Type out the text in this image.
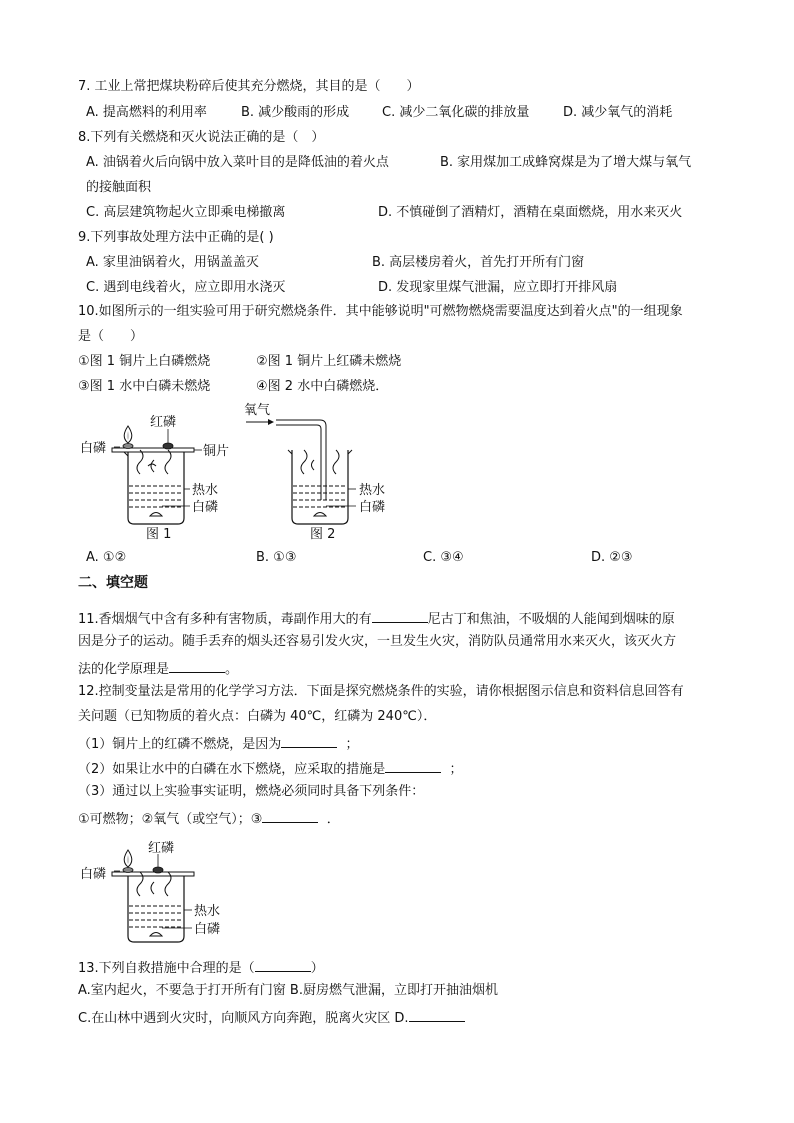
7. 工业上常把煤块粉碎后使其充分燃烧，其目的是（　　）
A. 提高燃料的利用率	B. 减少酸雨的形成	C. 减少二氧化碳的排放量	D. 减少氧气的消耗
8.下列有关燃烧和灭火说法正确的是（　）
A. 油锅着火后向锅中放入菜叶目的是降低油的着火点	B. 家用煤加工成蜂窝煤是为了增大煤与氧气
的接触面积
C. 高层建筑物起火立即乘电梯撤离	D. 不慎碰倒了酒精灯，酒精在桌面燃烧，用水来灭火
9.下列事故处理方法中正确的是( )
A. 家里油锅着火，用锅盖盖灭	B. 高层楼房着火，首先打开所有门窗
C. 遇到电线着火，应立即用水浇灭	D. 发现家里煤气泄漏，应立即打开排风扇
10.如图所示的一组实验可用于研究燃烧条件．其中能够说明"可燃物燃烧需要温度达到着火点"的一组现象
是（　　）
①图 1 铜片上白磷燃烧	②图 1 铜片上红磷未燃烧
③图 1 水中白磷未燃烧	④图 2 水中白磷燃烧．
红磷
白磷	铜片
热水
白磷
图 1
氧气
热水
白磷
图 2
A. ①②	B. ①③	C. ③④	D. ②③
二、填空题
11.香烟烟气中含有多种有害物质，毒副作用大的有	尼古丁和焦油，不吸烟的人能闻到烟味的原
因是分子的运动。随手丢弃的烟头还容易引发火灾，一旦发生火灾，消防队员通常用水来灭火，该灭火方
法的化学原理是	。
12.控制变量法是常用的化学学习方法．下面是探究燃烧条件的实验，请你根据图示信息和资料信息回答有
关问题（已知物质的着火点：白磷为 40℃，红磷为 240℃）．
（1）铜片上的红磷不燃烧，是因为	；
（2）如果让水中的白磷在水下燃烧，应采取的措施是	；
（3）通过以上实验事实证明，燃烧必须同时具备下列条件：
①可燃物；②氧气（或空气）；③	．
红磷
白磷
热水
白磷
13.下列自救措施中合理的是（	）
A.室内起火，不要急于打开所有门窗 B.厨房燃气泄漏，立即打开抽油烟机
C.在山林中遇到火灾时，向顺风方向奔跑，脱离火灾区 D.
